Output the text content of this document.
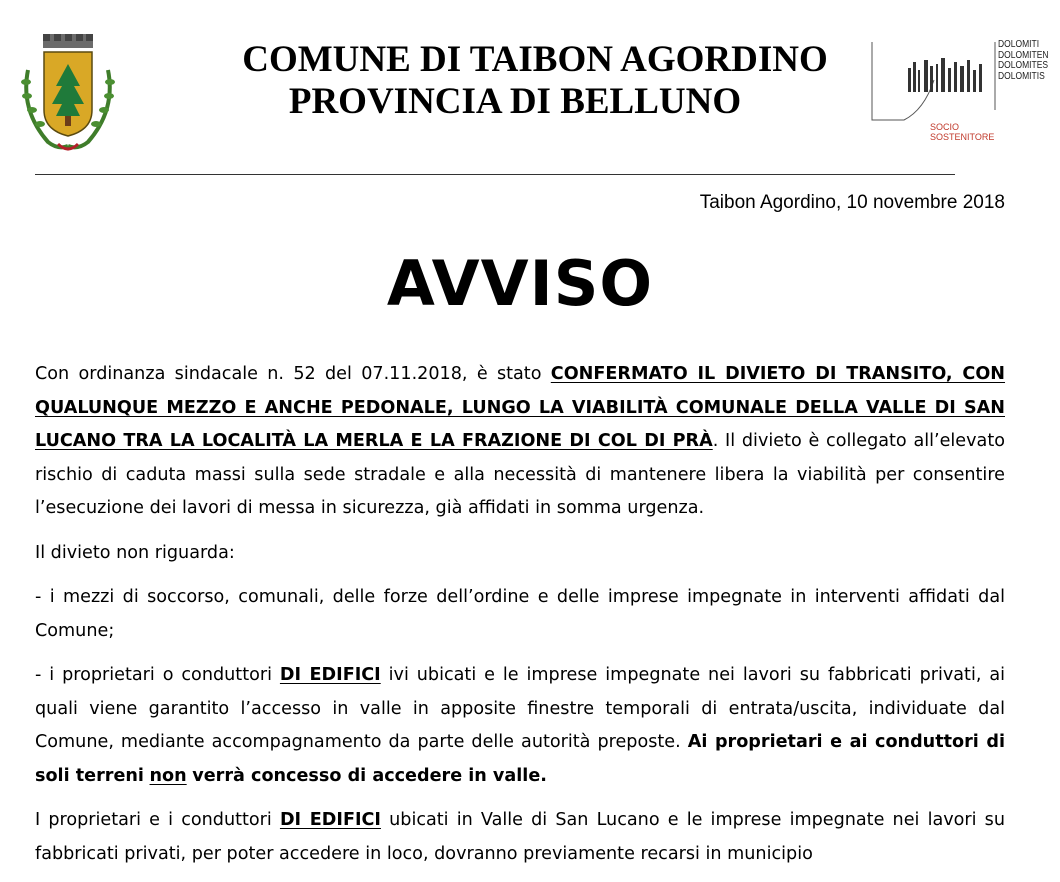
COMUNE DI TAIBON AGORDINO
PROVINCIA DI BELLUNO
DOLOMITI
DOLOMITEN
DOLOMITES
DOLOMITIS
SOCIO
SOSTENITORE
Taibon Agordino, 10 novembre 2018
AVVISO

Con ordinanza sindacale n. 52 del 07.11.2018, è stato CONFERMATO IL DIVIETO DI TRANSITO, CON QUALUNQUE MEZZO E ANCHE PEDONALE, LUNGO LA VIABILITÀ COMUNALE DELLA VALLE DI SAN LUCANO TRA LA LOCALITÀ LA MERLA E LA FRAZIONE DI COL DI PRÀ. Il divieto è collegato all’elevato rischio di caduta massi sulla sede stradale e alla necessità di mantenere libera la viabilità per consentire l’esecuzione dei lavori di messa in sicurezza, già affidati in somma urgenza.

Il divieto non riguarda:

- i mezzi di soccorso, comunali, delle forze dell’ordine e delle imprese impegnate in interventi affidati dal Comune;

- i proprietari o conduttori DI EDIFICI ivi ubicati e le imprese impegnate nei lavori su fabbricati privati, ai quali viene garantito l’accesso in valle in apposite finestre temporali di entrata/uscita, individuate dal Comune, mediante accompagnamento da parte delle autorità preposte. Ai proprietari e ai conduttori di soli terreni non verrà concesso di accedere in valle.

I proprietari e i conduttori DI EDIFICI ubicati in Valle di San Lucano e le imprese impegnate nei lavori su fabbricati privati, per poter accedere in loco, dovranno previamente recarsi in municipio
